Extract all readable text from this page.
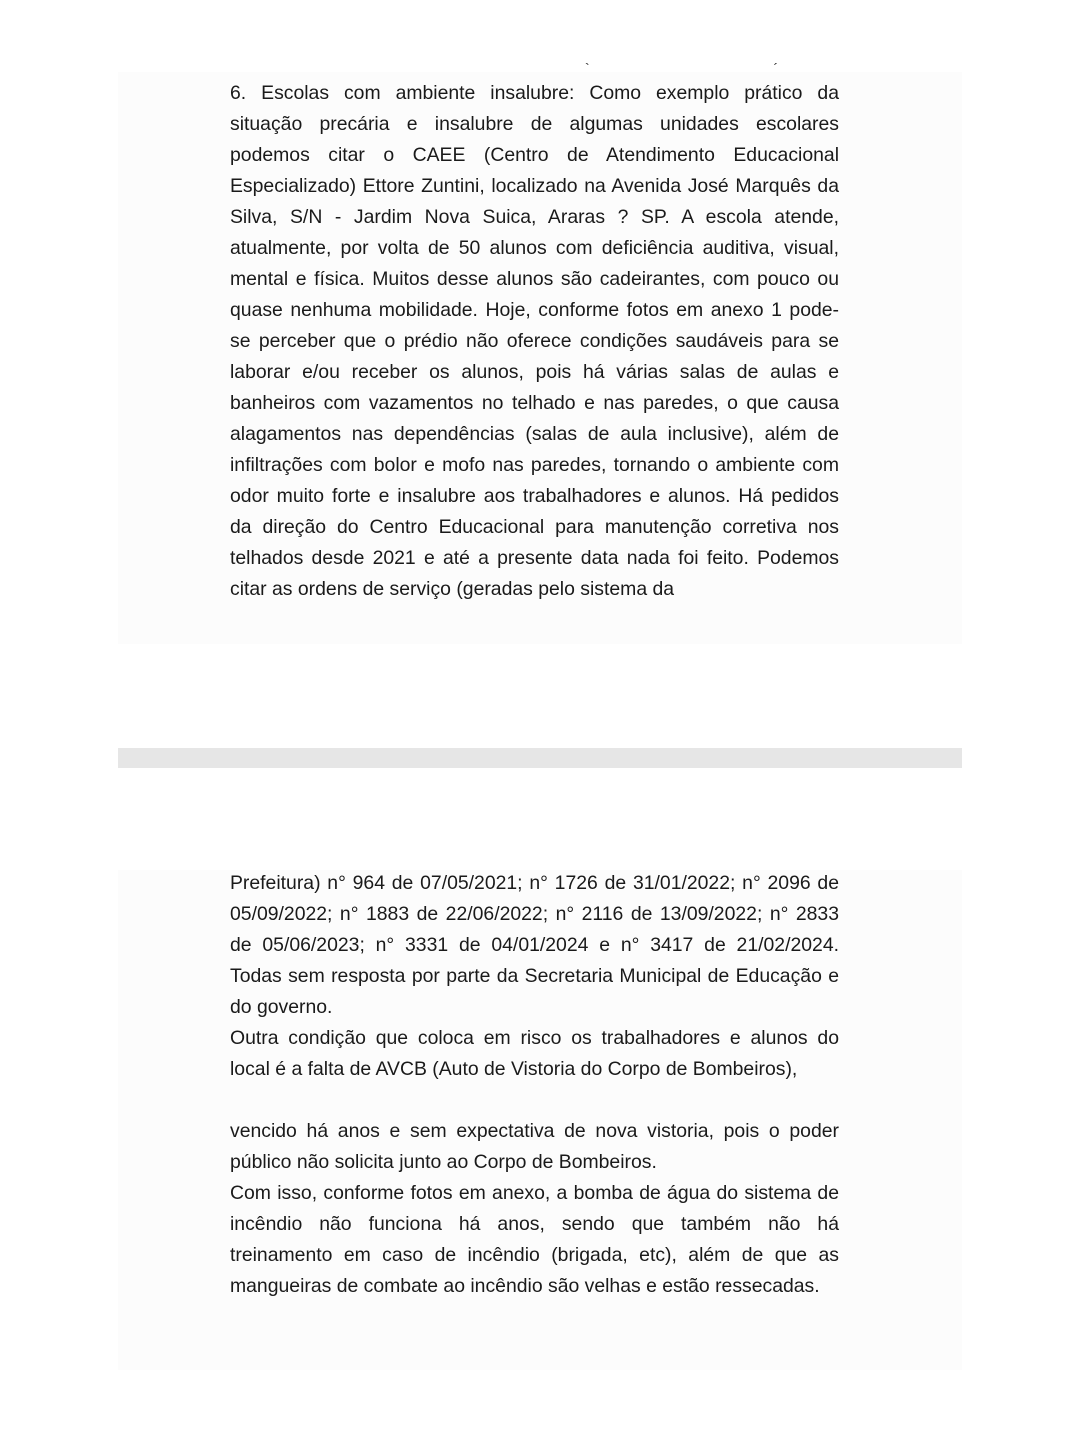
` ´

6. Escolas com ambiente insalubre: Como exemplo prático da situação precária e insalubre de algumas unidades escolares podemos citar o CAEE (Centro de Atendimento Educacional Especializado) Ettore Zuntini, localizado na Avenida José Marquês da Silva, S/N - Jardim Nova Suica, Araras ? SP. A escola atende, atualmente, por volta de 50 alunos com deficiência auditiva, visual, mental e física. Muitos desse alunos são cadeirantes, com pouco ou quase nenhuma mobilidade. Hoje, conforme fotos em anexo 1 pode-se perceber que o prédio não oferece condições saudáveis para se laborar e/ou receber os alunos, pois há várias salas de aulas e banheiros com vazamentos no telhado e nas paredes, o que causa alagamentos nas dependências (salas de aula inclusive), além de infiltrações com bolor e mofo nas paredes, tornando o ambiente com odor muito forte e insalubre aos trabalhadores e alunos. Há pedidos da direção do Centro Educacional para manutenção corretiva nos telhados desde 2021 e até a presente data nada foi feito. Podemos citar as ordens de serviço (geradas pelo sistema da

Prefeitura) n° 964 de 07/05/2021; n° 1726 de 31/01/2022; n° 2096 de 05/09/2022; n° 1883 de 22/06/2022; n° 2116 de 13/09/2022; n° 2833 de 05/06/2023; n° 3331 de 04/01/2024 e n° 3417 de 21/02/2024. Todas sem resposta por parte da Secretaria Municipal de Educação e do governo.

Outra condição que coloca em risco os trabalhadores e alunos do local é a falta de AVCB (Auto de Vistoria do Corpo de Bombeiros),

vencido há anos e sem expectativa de nova vistoria, pois o poder público não solicita junto ao Corpo de Bombeiros.

Com isso, conforme fotos em anexo, a bomba de água do sistema de incêndio não funciona há anos, sendo que também não há treinamento em caso de incêndio (brigada, etc), além de que as mangueiras de combate ao incêndio são velhas e estão ressecadas.
